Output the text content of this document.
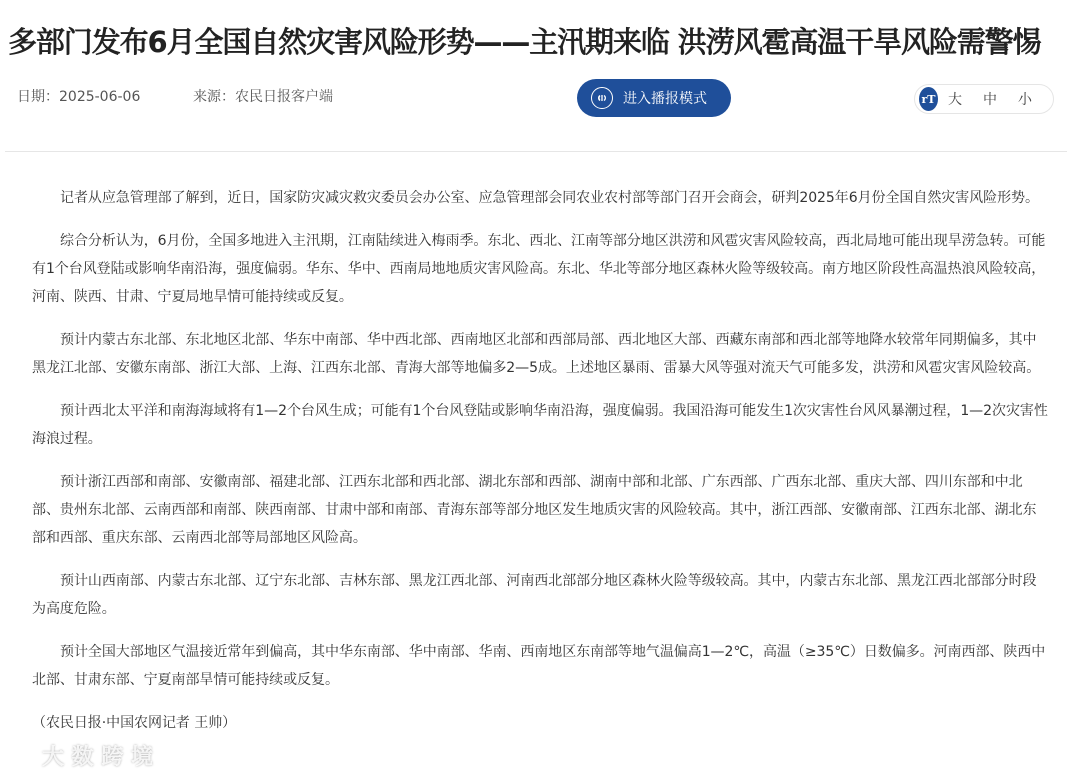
多部门发布6月全国自然灾害风险形势——主汛期来临 洪涝风雹高温干旱风险需警惕
日期：2025-06-06	来源：农民日报客户端	进入播报模式	rT 大 中 小

记者从应急管理部了解到，近日，国家防灾减灾救灾委员会办公室、应急管理部会同农业农村部等部门召开会商会，研判2025年6月份全国自然灾害风险形势。

综合分析认为，6月份，全国多地进入主汛期，江南陆续进入梅雨季。东北、西北、江南等部分地区洪涝和风雹灾害风险较高，西北局地可能出现旱涝急转。可能有1个台风登陆或影响华南沿海，强度偏弱。华东、华中、西南局地地质灾害风险高。东北、华北等部分地区森林火险等级较高。南方地区阶段性高温热浪风险较高，河南、陕西、甘肃、宁夏局地旱情可能持续或反复。

预计内蒙古东北部、东北地区北部、华东中南部、华中西北部、西南地区北部和西部局部、西北地区大部、西藏东南部和西北部等地降水较常年同期偏多，其中黑龙江北部、安徽东南部、浙江大部、上海、江西东北部、青海大部等地偏多2—5成。上述地区暴雨、雷暴大风等强对流天气可能多发，洪涝和风雹灾害风险较高。

预计西北太平洋和南海海域将有1—2个台风生成；可能有1个台风登陆或影响华南沿海，强度偏弱。我国沿海可能发生1次灾害性台风风暴潮过程，1—2次灾害性海浪过程。

预计浙江西部和南部、安徽南部、福建北部、江西东北部和西北部、湖北东部和西部、湖南中部和北部、广东西部、广西东北部、重庆大部、四川东部和中北部、贵州东北部、云南西部和南部、陕西南部、甘肃中部和南部、青海东部等部分地区发生地质灾害的风险较高。其中，浙江西部、安徽南部、江西东北部、湖北东部和西部、重庆东部、云南西北部等局部地区风险高。

预计山西南部、内蒙古东北部、辽宁东北部、吉林东部、黑龙江西北部、河南西北部部分地区森林火险等级较高。其中，内蒙古东北部、黑龙江西北部部分时段为高度危险。

预计全国大部地区气温接近常年到偏高，其中华东南部、华中南部、华南、西南地区东南部等地气温偏高1—2℃，高温（≥35℃）日数偏多。河南西部、陕西中北部、甘肃东部、宁夏南部旱情可能持续或反复。

（农民日报·中国农网记者 王帅）

大 数 跨 境
